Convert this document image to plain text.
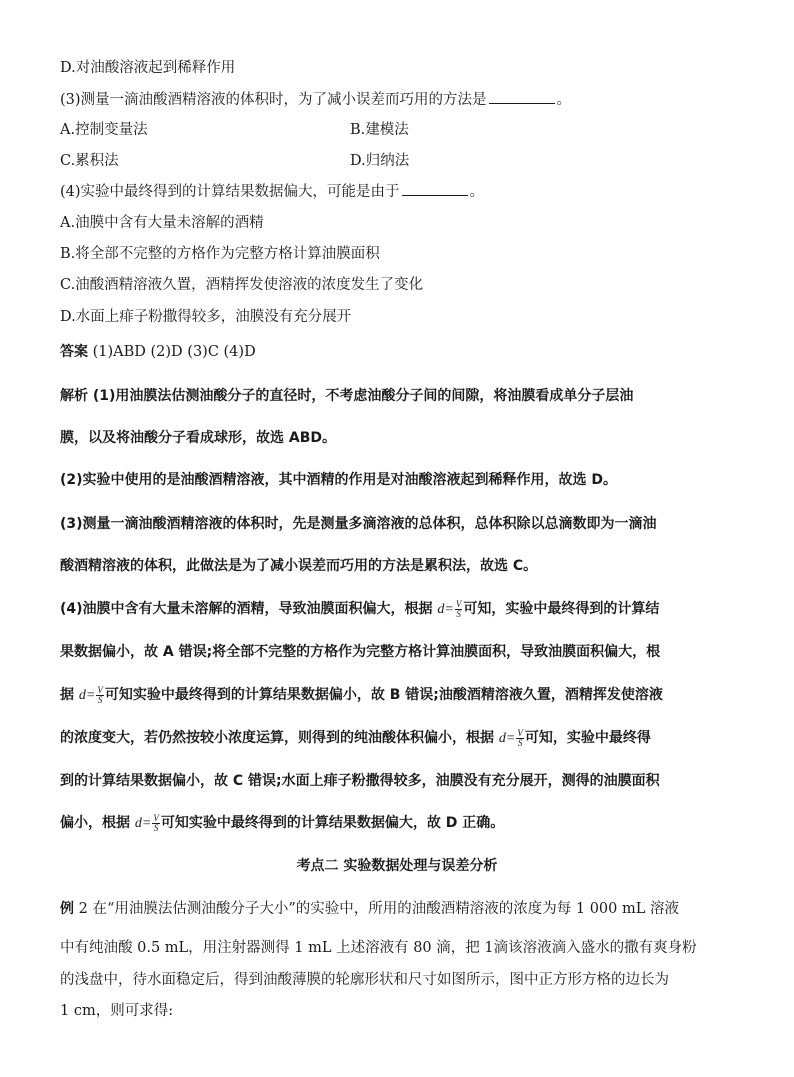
D.对油酸溶液起到稀释作用
(3)测量一滴油酸酒精溶液的体积时，为了减小误差而巧用的方法是	。
A.控制变量法	B.建模法
C.累积法	D.归纳法
(4)实验中最终得到的计算结果数据偏大，可能是由于	。
A.油膜中含有大量未溶解的酒精
B.将全部不完整的方格作为完整方格计算油膜面积
C.油酸酒精溶液久置，酒精挥发使溶液的浓度发生了变化
D.水面上痱子粉撒得较多，油膜没有充分展开
答案 (1)ABD (2)D (3)C (4)D
解析 (1)用油膜法估测油酸分子的直径时，不考虑油酸分子间的间隙，将油膜看成单分子层油
膜，以及将油酸分子看成球形，故选 ABD。
(2)实验中使用的是油酸酒精溶液，其中酒精的作用是对油酸溶液起到稀释作用，故选 D。
(3)测量一滴油酸酒精溶液的体积时，先是测量多滴溶液的总体积，总体积除以总滴数即为一滴油
酸酒精溶液的体积，此做法是为了减小误差而巧用的方法是累积法，故选 C。
(4)油膜中含有大量未溶解的酒精，导致油膜面积偏大，根据 $d= \frac{V}{S}$ 可知，实验中最终得到的计算结
果数据偏小，故 A 错误;将全部不完整的方格作为完整方格计算油膜面积，导致油膜面积偏大，根
据 $d= \frac{V}{S}$ 可知实验中最终得到的计算结果数据偏小，故 B 错误;油酸酒精溶液久置，酒精挥发使溶液
的浓度变大，若仍然按较小浓度运算，则得到的纯油酸体积偏小，根据 $d= \frac{V}{S}$ 可知，实验中最终得
到的计算结果数据偏小，故 C 错误;水面上痱子粉撒得较多，油膜没有充分展开，测得的油膜面积
偏小，根据 $d= \frac{V}{S}$ 可知实验中最终得到的计算结果数据偏大，故 D 正确。
考点二 实验数据处理与误差分析
例 2 在“用油膜法估测油酸分子大小”的实验中，所用的油酸酒精溶液的浓度为每 1 000 mL 溶液
中有纯油酸 0.5 mL，用注射器测得 1 mL 上述溶液有 80 滴，把 1滴该溶液滴入盛水的撒有爽身粉
的浅盘中，待水面稳定后，得到油酸薄膜的轮廓形状和尺寸如图所示，图中正方形方格的边长为
1 cm，则可求得:
